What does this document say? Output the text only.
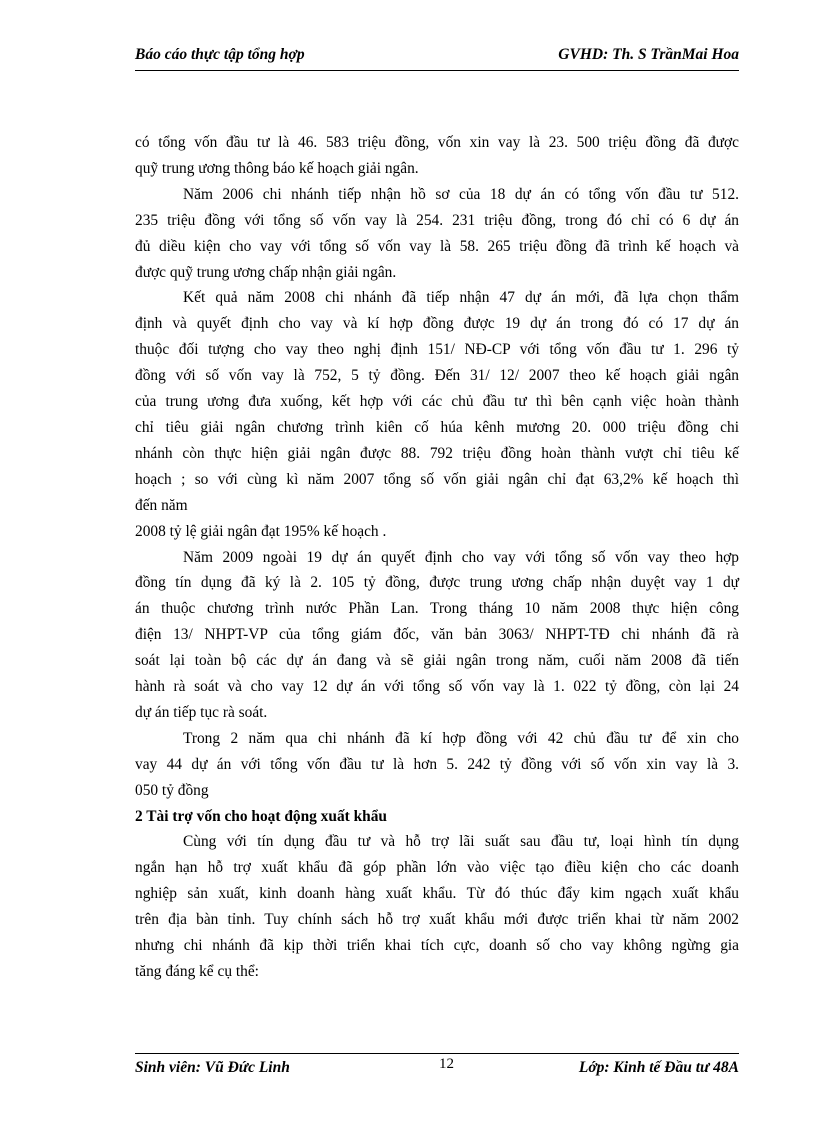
Báo cáo thực tập tổng hợp	GVHD: Th. S TrầnMai Hoa

có tổng vốn đầu tư là 46. 583 triệu đồng, vốn xin vay là 23. 500 triệu đồng đã được

quỹ trung ương thông báo kế hoạch giải ngân.

Năm 2006 chi nhánh tiếp nhận hồ sơ của 18 dự án có tổng vốn đầu tư 512.

235 triệu đồng với tổng số vốn vay là 254. 231 triệu đồng, trong đó chỉ có 6 dự án

đủ diều kiện cho vay với tổng số vốn vay là 58. 265 triệu đồng đã trình kế hoạch và

được quỹ trung ương chấp nhận giải ngân.

Kết quả năm 2008 chi nhánh đã tiếp nhận 47 dự án mới, đã lựa chọn thẩm

định và quyết định cho vay và kí hợp đồng được 19 dự án trong đó có 17 dự án

thuộc đối tượng cho vay theo nghị định 151/ NĐ-CP với tổng vốn đầu tư 1. 296 tỷ

đồng với số vốn vay là 752, 5 tỷ đồng. Đến 31/ 12/ 2007 theo kế hoạch giải ngân

của trung ương đưa xuống, kết hợp với các chủ đầu tư thì bên cạnh việc hoàn thành

chỉ tiêu giải ngân chương trình kiên cố húa kênh mương 20. 000 triệu đồng chi

nhánh còn thực hiện giải ngân được 88. 792 triệu đồng hoàn thành vượt chỉ tiêu kế

hoạch ; so với cùng kì năm 2007 tổng số vốn giải ngân chỉ đạt 63,2% kế hoạch thì

đến năm

2008 tỷ lệ giải ngân đạt 195% kế hoạch .

Năm 2009 ngoài 19 dự án quyết định cho vay với tổng số vốn vay theo hợp

đồng tín dụng đã ký là 2. 105 tỷ đồng, được trung ương chấp nhận duyệt vay 1 dự

án thuộc chương trình nước Phần Lan. Trong tháng 10 năm 2008 thực hiện công

điện 13/ NHPT-VP của tổng giám đốc, văn bản 3063/ NHPT-TĐ chi nhánh đã rà

soát lại toàn bộ các dự án đang và sẽ giải ngân trong năm, cuối năm 2008 đã tiến

hành rà soát và cho vay 12 dự án với tổng số vốn vay là 1. 022 tỷ đồng, còn lại 24

dự án tiếp tục rà soát.

Trong 2 năm qua chi nhánh đã kí hợp đồng với 42 chủ đầu tư để xin cho

vay 44 dự án với tổng vốn đầu tư là hơn 5. 242 tỷ đồng với số vốn xin vay là 3.

050 tỷ đồng

2 Tài trợ vốn cho hoạt động xuất khẩu

Cùng với tín dụng đầu tư và hỗ trợ lãi suất sau đầu tư, loại hình tín dụng

ngắn hạn hỗ trợ xuất khẩu đã góp phần lớn vào việc tạo điều kiện cho các doanh

nghiệp sản xuất, kinh doanh hàng xuất khẩu. Từ đó thúc đẩy kim ngạch xuất khẩu

trên địa bàn tỉnh. Tuy chính sách hỗ trợ xuất khẩu mới được triển khai từ năm 2002

nhưng chi nhánh đã kịp thời triển khai tích cực, doanh số cho vay không ngừng gia

tăng đáng kể cụ thể:

Sinh viên: Vũ Đức Linh	12	Lớp: Kinh tế Đầu tư 48A
